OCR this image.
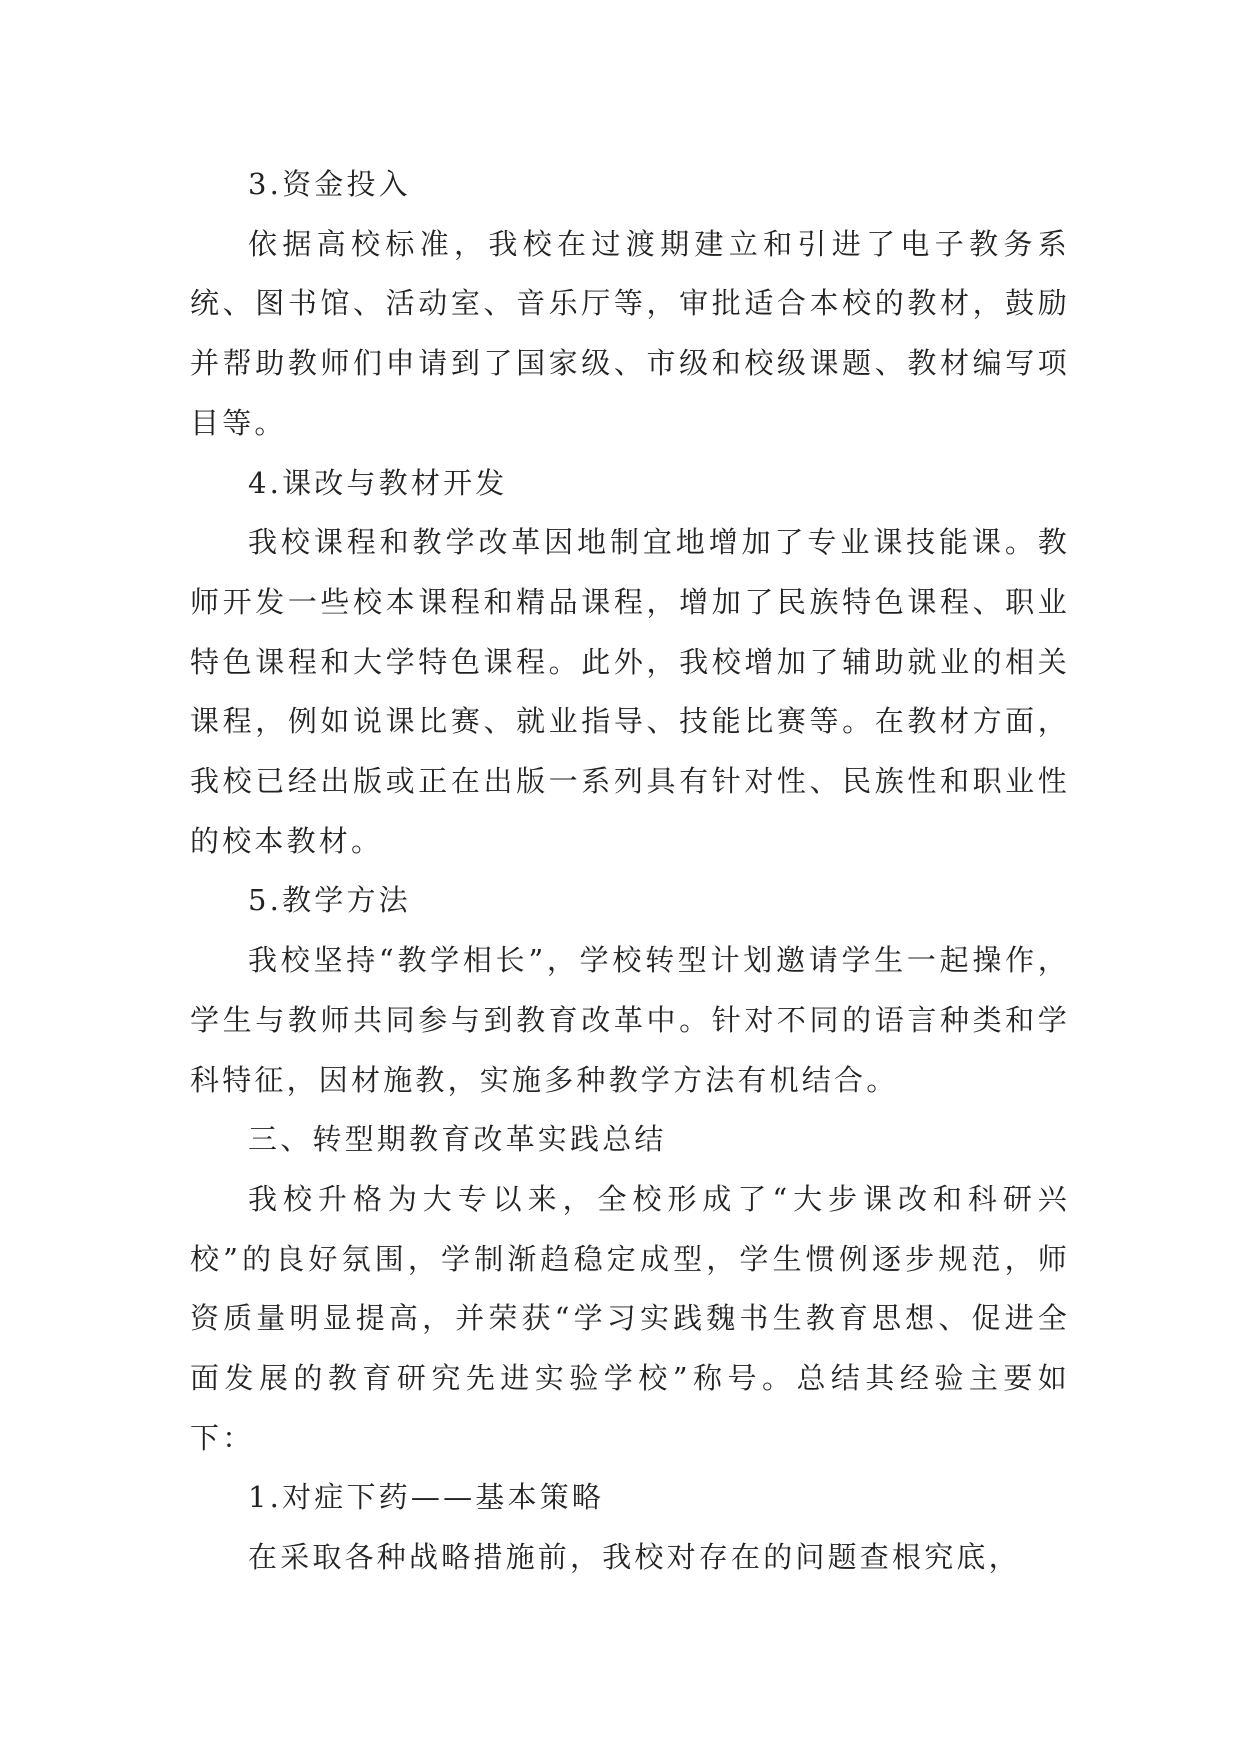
3.资金投入

依据高校标准，我校在过渡期建立和引进了电子教务系统、图书馆、活动室、音乐厅等，审批适合本校的教材，鼓励并帮助教师们申请到了国家级、市级和校级课题、教材编写项目等。

4.课改与教材开发

我校课程和教学改革因地制宜地增加了专业课技能课。教师开发一些校本课程和精品课程，增加了民族特色课程、职业特色课程和大学特色课程。此外，我校增加了辅助就业的相关课程，例如说课比赛、就业指导、技能比赛等。在教材方面，我校已经出版或正在出版一系列具有针对性、民族性和职业性的校本教材。

5.教学方法

我校坚持“教学相长”，学校转型计划邀请学生一起操作，学生与教师共同参与到教育改革中。针对不同的语言种类和学科特征，因材施教，实施多种教学方法有机结合。

三、转型期教育改革实践总结

我校升格为大专以来，全校形成了“大步课改和科研兴校”的良好氛围，学制渐趋稳定成型，学生惯例逐步规范，师资质量明显提高，并荣获“学习实践魏书生教育思想、促进全面发展的教育研究先进实验学校”称号。总结其经验主要如下：

1.对症下药——基本策略

在采取各种战略措施前，我校对存在的问题查根究底，
